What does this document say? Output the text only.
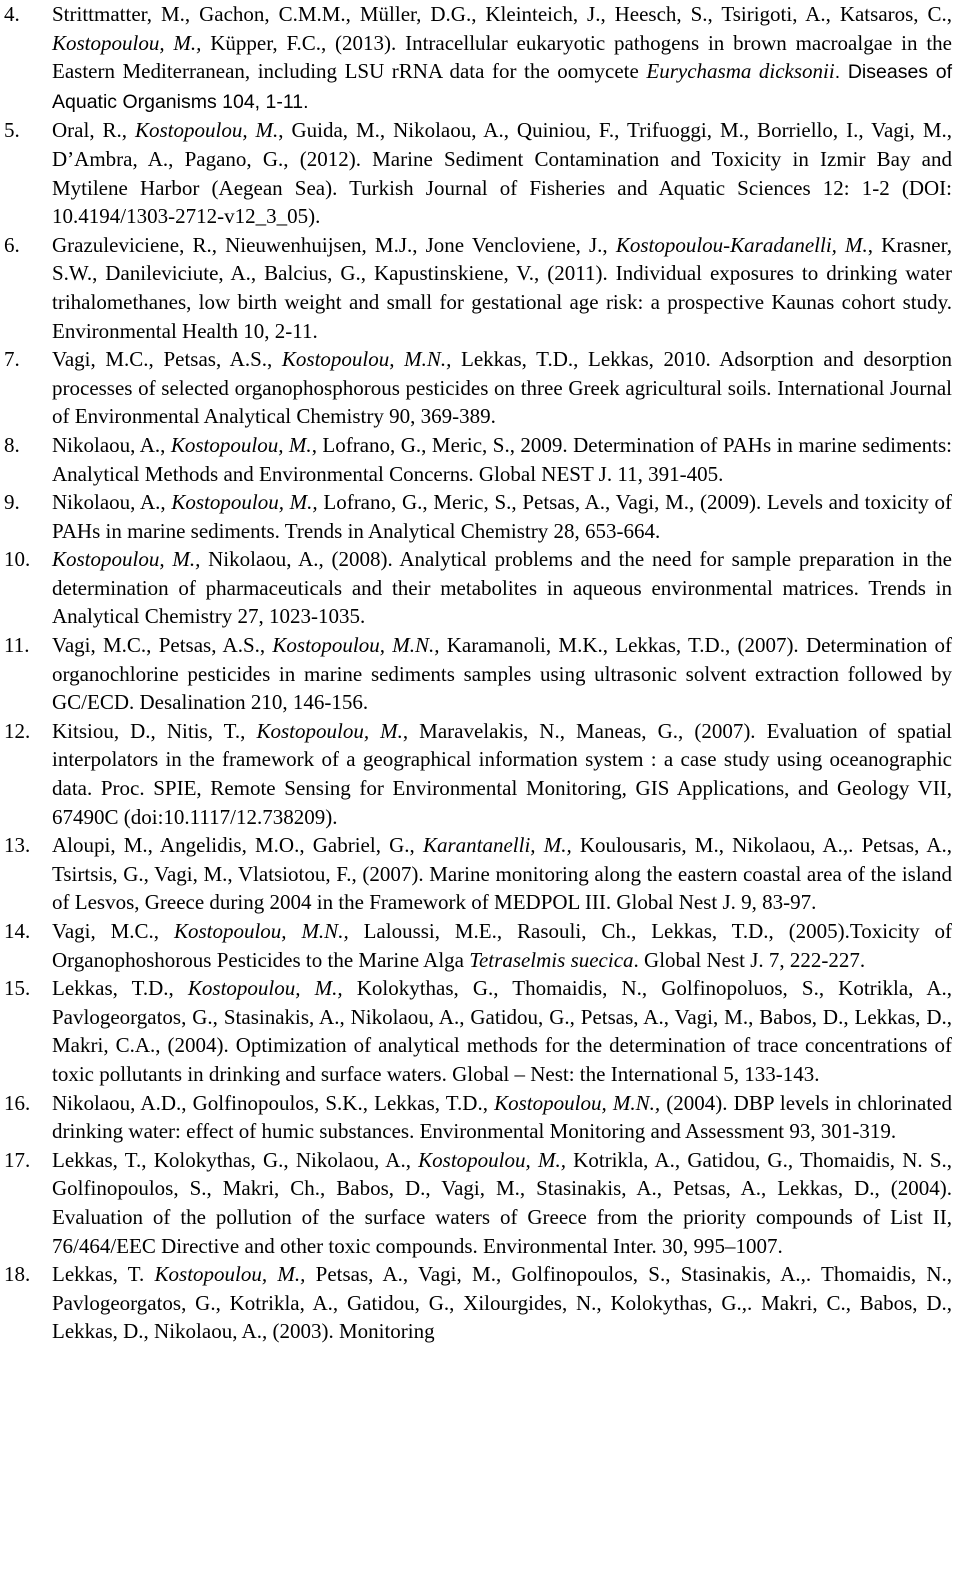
4.	Strittmatter, M., Gachon, C.M.M., Müller, D.G., Kleinteich, J., Heesch, S., Tsirigoti, A., Katsaros, C., Kostopoulou, M., Küpper, F.C., (2013). Intracellular eukaryotic pathogens in brown macroalgae in the Eastern Mediterranean, including LSU rRNA data for the oomycete Eurychasma dicksonii. Diseases of Aquatic Organisms 104, 1-11.
5.	Oral, R., Kostopoulou, M., Guida, M., Nikolaou, A., Quiniou, F., Trifuoggi, M., Borriello, I., Vagi, M., D’Ambra, A., Pagano, G., (2012). Marine Sediment Contamination and Toxicity in Izmir Bay and Mytilene Harbor (Aegean Sea). Turkish Journal of Fisheries and Aquatic Sciences 12: 1-2 (DOI: 10.4194/1303-2712-v12_3_05).
6.	Grazuleviciene, R., Nieuwenhuijsen, M.J., Jone Vencloviene, J., Kostopoulou-Karadanelli, M., Krasner, S.W., Danileviciute, A., Balcius, G., Kapustinskiene, V., (2011). Individual exposures to drinking water trihalomethanes, low birth weight and small for gestational age risk: a prospective Kaunas cohort study. Environmental Health 10, 2-11.
7.	Vagi, M.C., Petsas, A.S., Kostopoulou, M.N., Lekkas, T.D., Lekkas, 2010. Adsorption and desorption processes of selected organophosphorous pesticides on three Greek agricultural soils. International Journal of Environmental Analytical Chemistry 90, 369-389.
8.	Nikolaou, A., Kostopoulou, M., Lofrano, G., Meric, S., 2009. Determination of PAHs in marine sediments: Analytical Methods and Environmental Concerns. Global NEST J. 11, 391-405.
9.	Nikolaou, A., Kostopoulou, M., Lofrano, G., Meric, S., Petsas, A., Vagi, M., (2009). Levels and toxicity of PAHs in marine sediments. Trends in Analytical Chemistry 28, 653-664.
10.	Kostopoulou, M., Nikolaou, A., (2008). Analytical problems and the need for sample preparation in the determination of pharmaceuticals and their metabolites in aqueous environmental matrices. Trends in Analytical Chemistry 27, 1023-1035.
11.	Vagi, M.C., Petsas, A.S., Kostopoulou, M.N., Karamanoli, M.K., Lekkas, T.D., (2007). Determination of organochlorine pesticides in marine sediments samples using ultrasonic solvent extraction followed by GC/ECD. Desalination 210, 146-156.
12.	Kitsiou, D., Nitis, T., Kostopoulou, M., Maravelakis, N., Maneas, G., (2007). Evaluation of spatial interpolators in the framework of a geographical information system : a case study using oceanographic data. Proc. SPIE, Remote Sensing for Environmental Monitoring, GIS Applications, and Geology VII, 67490C (doi:10.1117/12.738209).
13.	Aloupi, M., Angelidis, M.O., Gabriel, G., Karantanelli, M., Koulousaris, M., Nikolaou, A.,. Petsas, A., Tsirtsis, G., Vagi, M., Vlatsiotou, F., (2007). Marine monitoring along the eastern coastal area of the island of Lesvos, Greece during 2004 in the Framework of MEDPOL III. Global Nest J. 9, 83-97.
14.	Vagi, M.C., Kostopoulou, M.N., Laloussi, M.E., Rasouli, Ch., Lekkas, T.D., (2005).Toxicity of Organophoshorous Pesticides to the Marine Alga Tetraselmis suecica. Global Nest J. 7, 222-227.
15.	Lekkas, T.D., Kostopoulou, M., Kolokythas, G., Thomaidis, N., Golfinopoluos, S., Kotrikla, A., Pavlogeorgatos, G., Stasinakis, A., Nikolaou, A., Gatidou, G., Petsas, A., Vagi, M., Babos, D., Lekkas, D., Makri, C.A., (2004). Optimization of analytical methods for the determination of trace concentrations of toxic pollutants in drinking and surface waters. Global – Nest: the International 5, 133-143.
16.	Nikolaou, A.D., Golfinopoulos, S.K., Lekkas, T.D., Kostopoulou, M.N., (2004). DBP levels in chlorinated drinking water: effect of humic substances. Environmental Monitoring and Assessment 93, 301-319.
17.	Lekkas, T., Kolokythas, G., Nikolaou, A., Kostopoulou, M., Kotrikla, A., Gatidou, G., Thomaidis, N. S., Golfinopoulos, S., Makri, Ch., Babos, D., Vagi, M., Stasinakis, A., Petsas, A., Lekkas, D., (2004). Evaluation of the pollution of the surface waters of Greece from the priority compounds of List II, 76/464/EEC Directive and other toxic compounds. Environmental Inter. 30, 995–1007.
18.	Lekkas, T. Kostopoulou, M., Petsas, A., Vagi, M., Golfinopoulos, S., Stasinakis, A.,. Thomaidis, N., Pavlogeorgatos, G., Kotrikla, A., Gatidou, G., Xilourgides, N., Kolokythas, G.,. Makri, C., Babos, D., Lekkas, D., Nikolaou, A., (2003). Monitoring
